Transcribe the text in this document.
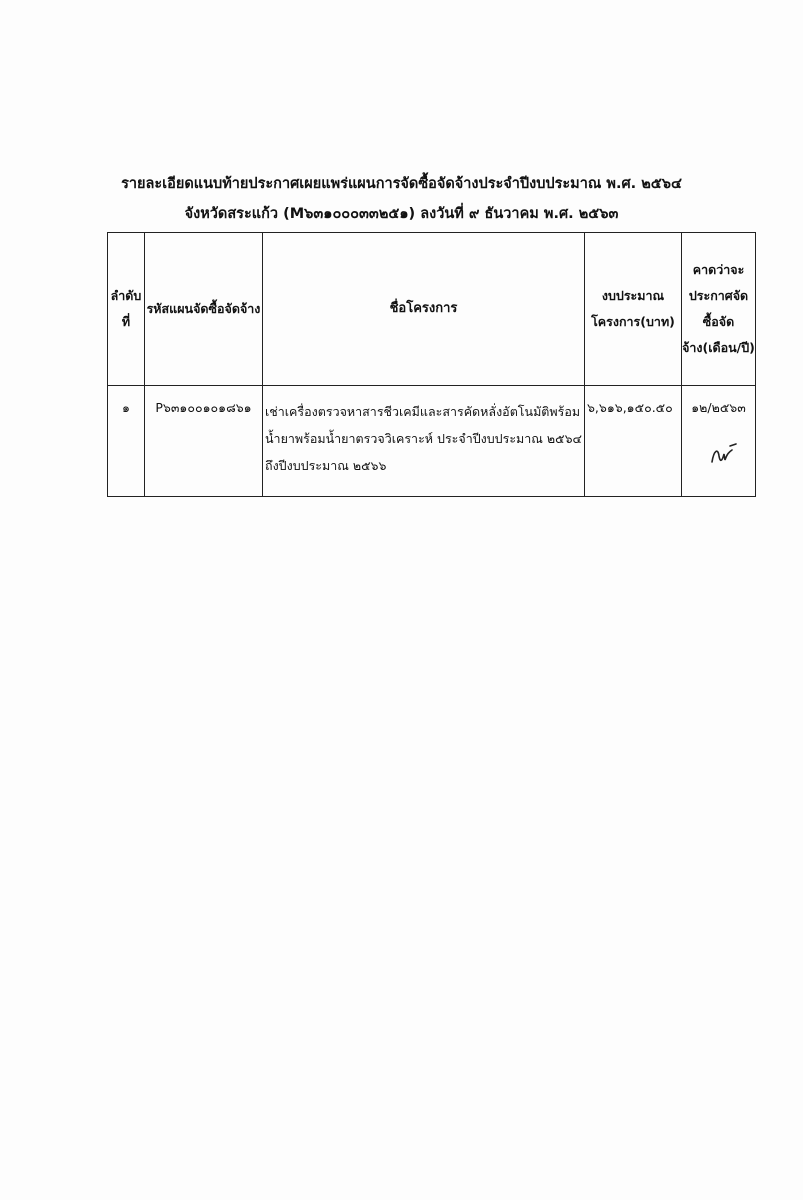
รายละเอียดแนบท้ายประกาศเผยแพร่แผนการจัดซื้อจัดจ้างประจำปีงบประมาณ พ.ศ. ๒๕๖๔
จังหวัดสระแก้ว (M๖๓๑๐๐๐๓๓๒๕๑) ลงวันที่ ๙ ธันวาคม พ.ศ. ๒๕๖๓
ลำดับที่	รหัสแผนจัดซื้อจัดจ้าง	ชื่อโครงการ	งบประมาณโครงการ(บาท)	คาดว่าจะประกาศจัดซื้อจัดจ้าง(เดือน/ปี)
๑	P๖๓๑๐๐๑๐๑๘๖๑	เช่าเครื่องตรวจหาสารชีวเคมีและสารคัดหลั่งอัตโนมัติพร้อมน้ำยาพร้อมน้ำยาตรวจวิเคราะห์ ประจำปีงบประมาณ ๒๕๖๔ ถึงปีงบประมาณ ๒๕๖๖	๖,๖๑๖,๑๕๐.๕๐	๑๒/๒๕๖๓
